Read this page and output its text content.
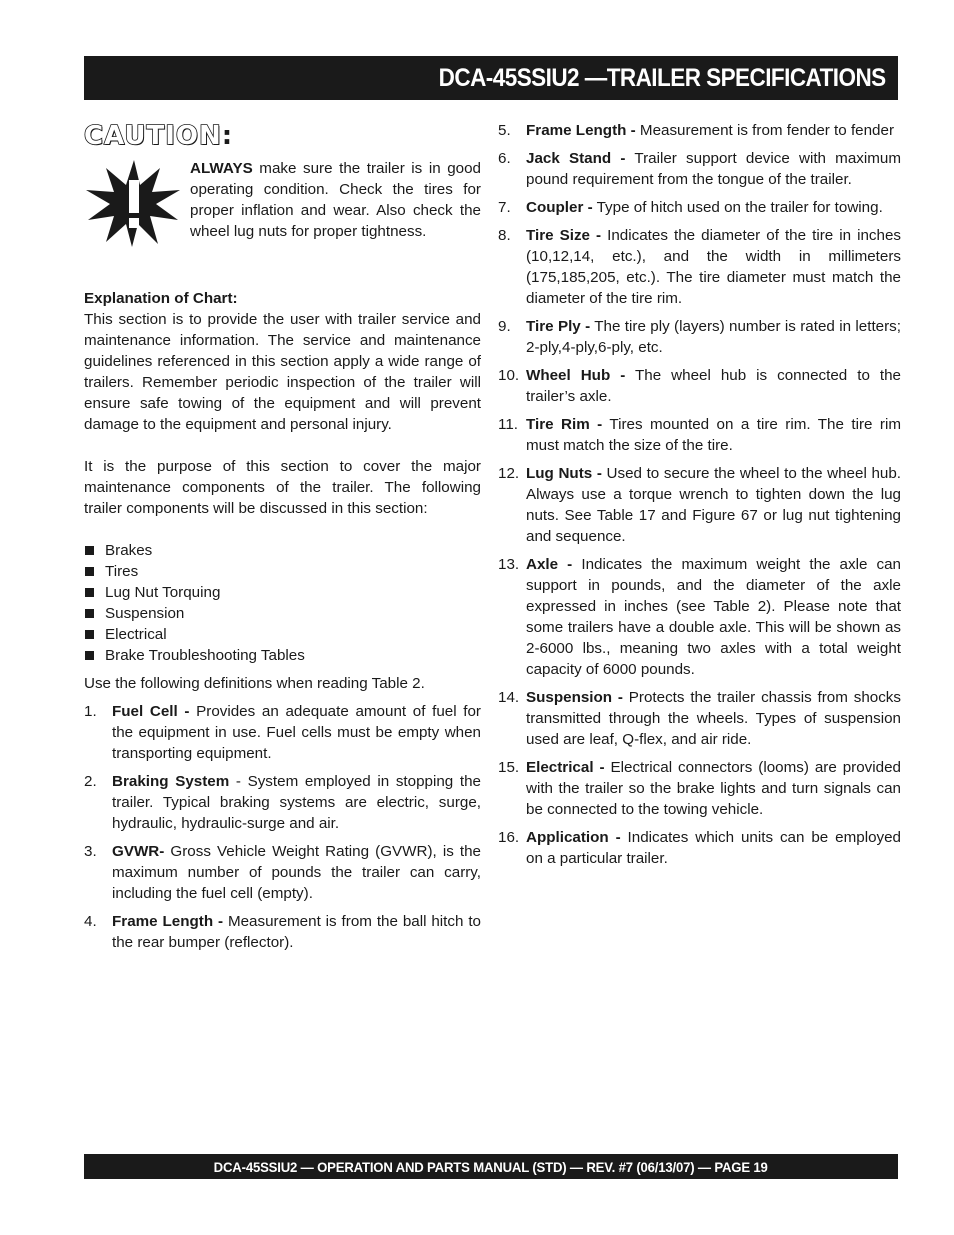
DCA-45SSIU2 —TRAILER SPECIFICATIONS
CAUTION:
ALWAYS make sure the trailer is in good operating condition. Check the tires for proper inflation and wear. Also check the wheel lug nuts for proper tightness.

Explanation of Chart:

This section is to provide the user with trailer service and maintenance information. The service and maintenance guidelines referenced in this section apply a wide range of trailers. Remember periodic inspection of the trailer will ensure safe towing of the equipment and will prevent damage to the equipment and personal injury.

It is the purpose of this section to cover the major maintenance components of the trailer. The following trailer components will be discussed in this section:

Brakes
Tires
Lug Nut Torquing
Suspension
Electrical
Brake Troubleshooting Tables

Use the following definitions when reading Table 2.

1. Fuel Cell - Provides an adequate amount of fuel for the equipment in use. Fuel cells must be empty when transporting equipment.
2. Braking System - System employed in stopping the trailer. Typical braking systems are electric, surge, hydraulic, hydraulic-surge and air.
3. GVWR- Gross Vehicle Weight Rating (GVWR), is the maximum number of pounds the trailer can carry, including the fuel cell (empty).
4. Frame Length - Measurement is from the ball hitch to the rear bumper (reflector).
5. Frame Length - Measurement is from fender to fender
6. Jack Stand - Trailer support device with maximum pound requirement from the tongue of the trailer.
7. Coupler - Type of hitch used on the trailer for towing.
8. Tire Size - Indicates the diameter of the tire in inches (10,12,14, etc.), and the width in millimeters (175,185,205, etc.). The tire diameter must match the diameter of the tire rim.
9. Tire Ply - The tire ply (layers) number is rated in letters; 2-ply,4-ply,6-ply, etc.
10. Wheel Hub - The wheel hub is connected to the trailer’s axle.
11. Tire Rim - Tires mounted on a tire rim. The tire rim must match the size of the tire.
12. Lug Nuts - Used to secure the wheel to the wheel hub. Always use a torque wrench to tighten down the lug nuts. See Table 17 and Figure 67 or lug nut tightening and sequence.
13. Axle - Indicates the maximum weight the axle can support in pounds, and the diameter of the axle expressed in inches (see Table 2). Please note that some trailers have a double axle. This will be shown as 2-6000 lbs., meaning two axles with a total weight capacity of 6000 pounds.
14. Suspension - Protects the trailer chassis from shocks transmitted through the wheels. Types of suspension used are leaf, Q-flex, and air ride.
15. Electrical - Electrical connectors (looms) are provided with the trailer so the brake lights and turn signals can be connected to the towing vehicle.
16. Application - Indicates which units can be employed on a particular trailer.
DCA-45SSIU2 — OPERATION AND PARTS MANUAL (STD) — REV. #7 (06/13/07) — PAGE 19
